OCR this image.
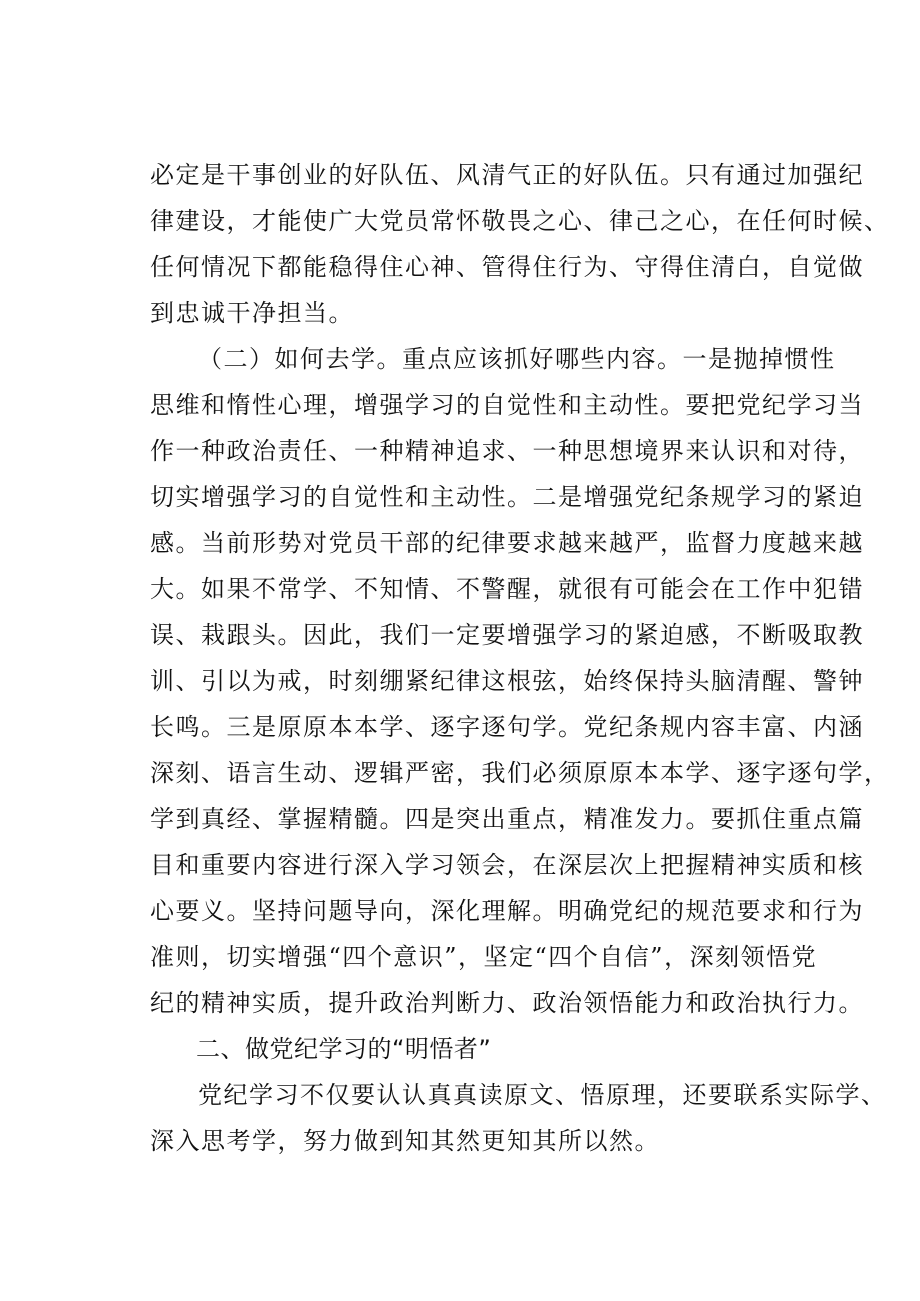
必定是干事创业的好队伍、风清气正的好队伍。只有通过加强纪
律建设，才能使广大党员常怀敬畏之心、律己之心，在任何时候、
任何情况下都能稳得住心神、管得住行为、守得住清白，自觉做
到忠诚干净担当。
（二）如何去学。重点应该抓好哪些内容。一是抛掉惯性
思维和惰性心理，增强学习的自觉性和主动性。要把党纪学习当
作一种政治责任、一种精神追求、一种思想境界来认识和对待，
切实增强学习的自觉性和主动性。二是增强党纪条规学习的紧迫
感。当前形势对党员干部的纪律要求越来越严，监督力度越来越
大。如果不常学、不知情、不警醒，就很有可能会在工作中犯错
误、栽跟头。因此，我们一定要增强学习的紧迫感，不断吸取教
训、引以为戒，时刻绷紧纪律这根弦，始终保持头脑清醒、警钟
长鸣。三是原原本本学、逐字逐句学。党纪条规内容丰富、内涵
深刻、语言生动、逻辑严密，我们必须原原本本学、逐字逐句学，
学到真经、掌握精髓。四是突出重点，精准发力。要抓住重点篇
目和重要内容进行深入学习领会，在深层次上把握精神实质和核
心要义。坚持问题导向，深化理解。明确党纪的规范要求和行为
准则，切实增强“四个意识”，坚定“四个自信”，深刻领悟党
纪的精神实质，提升政治判断力、政治领悟能力和政治执行力。
二、做党纪学习的“明悟者”
党纪学习不仅要认认真真读原文、悟原理，还要联系实际学、
深入思考学，努力做到知其然更知其所以然。
